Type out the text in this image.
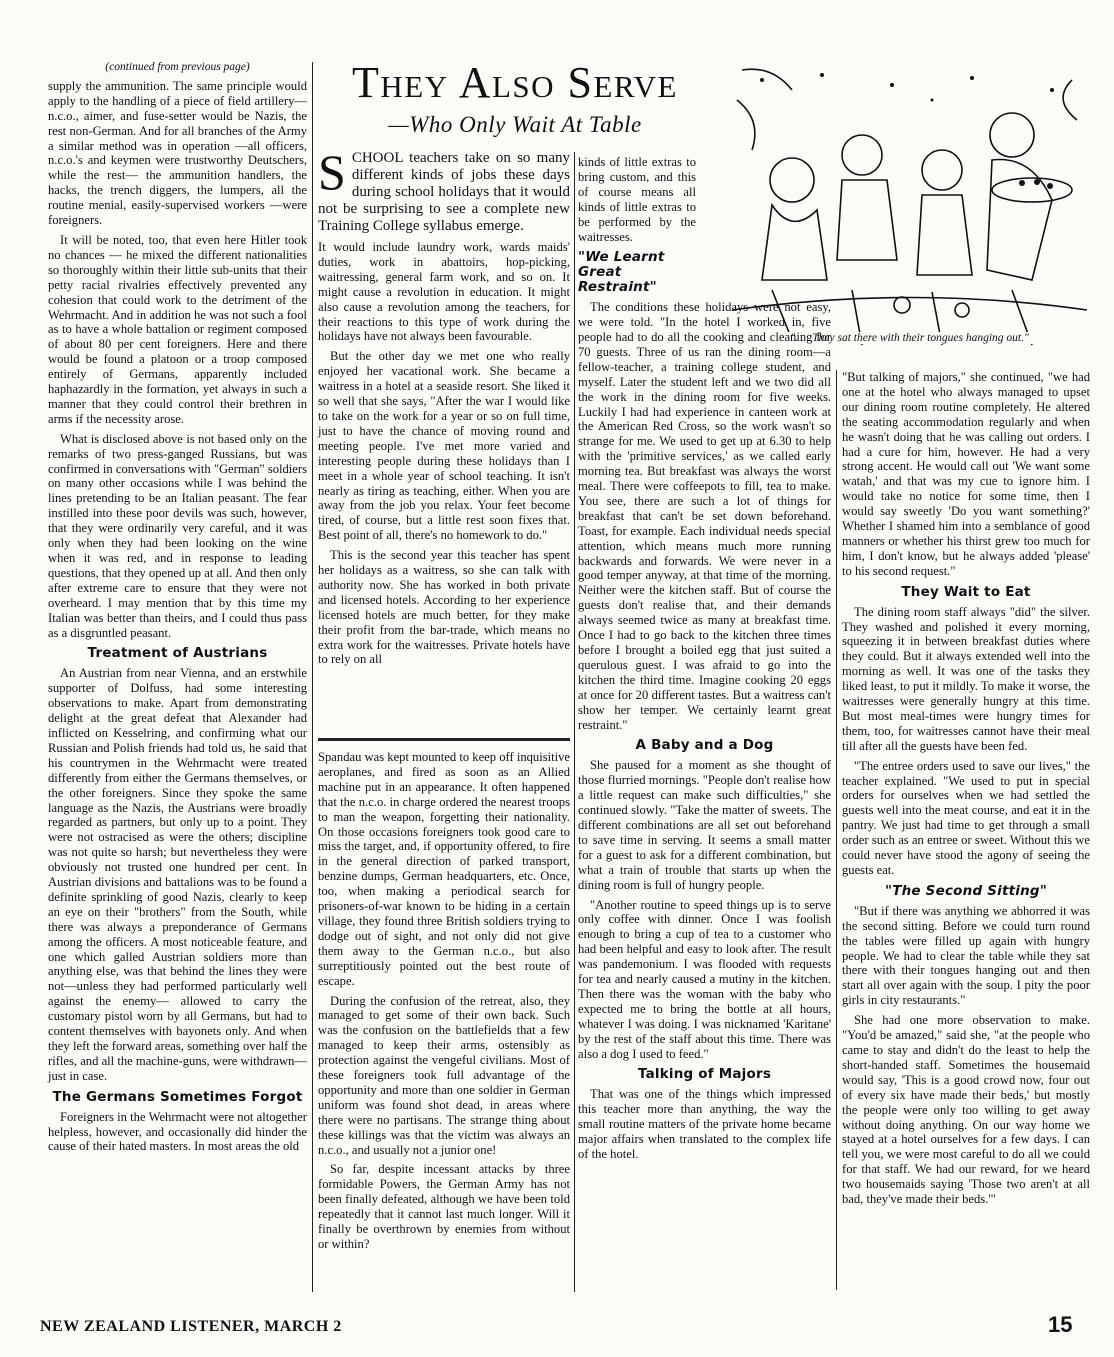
(continued from previous page)

supply the ammunition. The same principle would apply to the handling of a piece of field artillery—n.c.o., aimer, and fuse-setter would be Nazis, the rest non-German. And for all branches of the Army a similar method was in operation —all officers, n.c.o.'s and keymen were trustworthy Deutschers, while the rest— the ammunition handlers, the hacks, the trench diggers, the lumpers, all the routine menial, easily-supervised workers —were foreigners.

It will be noted, too, that even here Hitler took no chances — he mixed the different nationalities so thoroughly within their little sub-units that their petty racial rivalries effectively prevented any cohesion that could work to the detriment of the Wehrmacht. And in addition he was not such a fool as to have a whole battalion or regiment composed of about 80 per cent foreigners. Here and there would be found a platoon or a troop composed entirely of Germans, apparently included haphazardly in the formation, yet always in such a manner that they could control their brethren in arms if the necessity arose.

What is disclosed above is not based only on the remarks of two press-ganged Russians, but was confirmed in conversations with "German" soldiers on many other occasions while I was behind the lines pretending to be an Italian peasant. The fear instilled into these poor devils was such, however, that they were ordinarily very careful, and it was only when they had been looking on the wine when it was red, and in response to leading questions, that they opened up at all. And then only after extreme care to ensure that they were not overheard. I may mention that by this time my Italian was better than theirs, and I could thus pass as a disgruntled peasant.

Treatment of Austrians

An Austrian from near Vienna, and an erstwhile supporter of Dolfuss, had some interesting observations to make. Apart from demonstrating delight at the great defeat that Alexander had inflicted on Kesselring, and confirming what our Russian and Polish friends had told us, he said that his countrymen in the Wehrmacht were treated differently from either the Germans themselves, or the other foreigners. Since they spoke the same language as the Nazis, the Austrians were broadly regarded as partners, but only up to a point. They were not ostracised as were the others; discipline was not quite so harsh; but nevertheless they were obviously not trusted one hundred per cent. In Austrian divisions and battalions was to be found a definite sprinkling of good Nazis, clearly to keep an eye on their "brothers" from the South, while there was always a preponderance of Germans among the officers. A most noticeable feature, and one which galled Austrian soldiers more than anything else, was that behind the lines they were not—unless they had performed particularly well against the enemy— allowed to carry the customary pistol worn by all Germans, but had to content themselves with bayonets only. And when they left the forward areas, something over half the rifles, and all the machine-guns, were withdrawn—just in case.

The Germans Sometimes Forgot

Foreigners in the Wehrmacht were not altogether helpless, however, and occasionally did hinder the cause of their hated masters. In most areas the old

They Also Serve
—Who Only Wait At Table

SCHOOL teachers take on so many different kinds of jobs these days during school holidays that it would not be surprising to see a complete new Training College syllabus emerge.

It would include laundry work, wards maids' duties, work in abattoirs, hop-picking, waitressing, general farm work, and so on. It might cause a revolution in education. It might also cause a revolution among the teachers, for their reactions to this type of work during the holidays have not always been favourable.

But the other day we met one who really enjoyed her vacational work. She became a waitress in a hotel at a seaside resort. She liked it so well that she says, "After the war I would like to take on the work for a year or so on full time, just to have the chance of moving round and meeting people. I've met more varied and interesting people during these holidays than I meet in a whole year of school teaching. It isn't nearly as tiring as teaching, either. When you are away from the job you relax. Your feet become tired, of course, but a little rest soon fixes that. Best point of all, there's no homework to do."

This is the second year this teacher has spent her holidays as a waitress, so she can talk with authority now. She has worked in both private and licensed hotels. According to her experience licensed hotels are much better, for they make their profit from the bar-trade, which means no extra work for the waitresses. Private hotels have to rely on all

Spandau was kept mounted to keep off inquisitive aeroplanes, and fired as soon as an Allied machine put in an appearance. It often happened that the n.c.o. in charge ordered the nearest troops to man the weapon, forgetting their nationality. On those occasions foreigners took good care to miss the target, and, if opportunity offered, to fire in the general direction of parked transport, benzine dumps, German headquarters, etc. Once, too, when making a periodical search for prisoners-of-war known to be hiding in a certain village, they found three British soldiers trying to dodge out of sight, and not only did not give them away to the German n.c.o., but also surreptitiously pointed out the best route of escape.

During the confusion of the retreat, also, they managed to get some of their own back. Such was the confusion on the battlefields that a few managed to keep their arms, ostensibly as protection against the vengeful civilians. Most of these foreigners took full advantage of the opportunity and more than one soldier in German uniform was found shot dead, in areas where there were no partisans. The strange thing about these killings was that the victim was always an n.c.o., and usually not a junior one!

So far, despite incessant attacks by three formidable Powers, the German Army has not been finally defeated, although we have been told repeatedly that it cannot last much longer. Will it finally be overthrown by enemies from without or within?

". . . They sat there with their tongues hanging out."

kinds of little extras to bring custom, and this of course means all kinds of little extras to be performed by the waitresses.

"We Learnt Great Restraint"

The conditions these holidays were not easy, we were told. "In the hotel I worked in, five people had to do all the cooking and cleaning for 70 guests. Three of us ran the dining room—a fellow-teacher, a training college student, and myself. Later the student left and we two did all the work in the dining room for five weeks. Luckily I had had experience in canteen work at the American Red Cross, so the work wasn't so strange for me. We used to get up at 6.30 to help with the 'primitive services,' as we called early morning tea. But breakfast was always the worst meal. There were coffeepots to fill, tea to make. You see, there are such a lot of things for breakfast that can't be set down beforehand. Toast, for example. Each individual needs special attention, which means much more running backwards and forwards. We were never in a good temper anyway, at that time of the morning. Neither were the kitchen staff. But of course the guests don't realise that, and their demands always seemed twice as many at breakfast time. Once I had to go back to the kitchen three times before I brought a boiled egg that just suited a querulous guest. I was afraid to go into the kitchen the third time. Imagine cooking 20 eggs at once for 20 different tastes. But a waitress can't show her temper. We certainly learnt great restraint."

A Baby and a Dog

She paused for a moment as she thought of those flurried mornings. "People don't realise how a little request can make such difficulties," she continued slowly. "Take the matter of sweets. The different combinations are all set out beforehand to save time in serving. It seems a small matter for a guest to ask for a different combination, but what a train of trouble that starts up when the dining room is full of hungry people.

"Another routine to speed things up is to serve only coffee with dinner. Once I was foolish enough to bring a cup of tea to a customer who had been helpful and easy to look after. The result was pandemonium. I was flooded with requests for tea and nearly caused a mutiny in the kitchen. Then there was the woman with the baby who expected me to bring the bottle at all hours, whatever I was doing. I was nicknamed 'Karitane' by the rest of the staff about this time. There was also a dog I used to feed."

Talking of Majors

That was one of the things which impressed this teacher more than anything, the way the small routine matters of the private home became major affairs when translated to the complex life of the hotel.

"But talking of majors," she continued, "we had one at the hotel who always managed to upset our dining room routine completely. He altered the seating accommodation regularly and when he wasn't doing that he was calling out orders. I had a cure for him, however. He had a very strong accent. He would call out 'We want some watah,' and that was my cue to ignore him. I would take no notice for some time, then I would say sweetly 'Do you want something?' Whether I shamed him into a semblance of good manners or whether his thirst grew too much for him, I don't know, but he always added 'please' to his second request."

They Wait to Eat

The dining room staff always "did" the silver. They washed and polished it every morning, squeezing it in between breakfast duties where they could. But it always extended well into the morning as well. It was one of the tasks they liked least, to put it mildly. To make it worse, the waitresses were generally hungry at this time. But most meal-times were hungry times for them, too, for waitresses cannot have their meal till after all the guests have been fed.

"The entree orders used to save our lives," the teacher explained. "We used to put in special orders for ourselves when we had settled the guests well into the meat course, and eat it in the pantry. We just had time to get through a small order such as an entree or sweet. Without this we could never have stood the agony of seeing the guests eat.

"The Second Sitting"

"But if there was anything we abhorred it was the second sitting. Before we could turn round the tables were filled up again with hungry people. We had to clear the table while they sat there with their tongues hanging out and then start all over again with the soup. I pity the poor girls in city restaurants."

She had one more observation to make. "You'd be amazed," said she, "at the people who came to stay and didn't do the least to help the short-handed staff. Sometimes the housemaid would say, 'This is a good crowd now, four out of every six have made their beds,' but mostly the people were only too willing to get away without doing anything. On our way home we stayed at a hotel ourselves for a few days. I can tell you, we were most careful to do all we could for that staff. We had our reward, for we heard two housemaids saying 'Those two aren't at all bad, they've made their beds.'"

NEW ZEALAND LISTENER, MARCH 2	15
